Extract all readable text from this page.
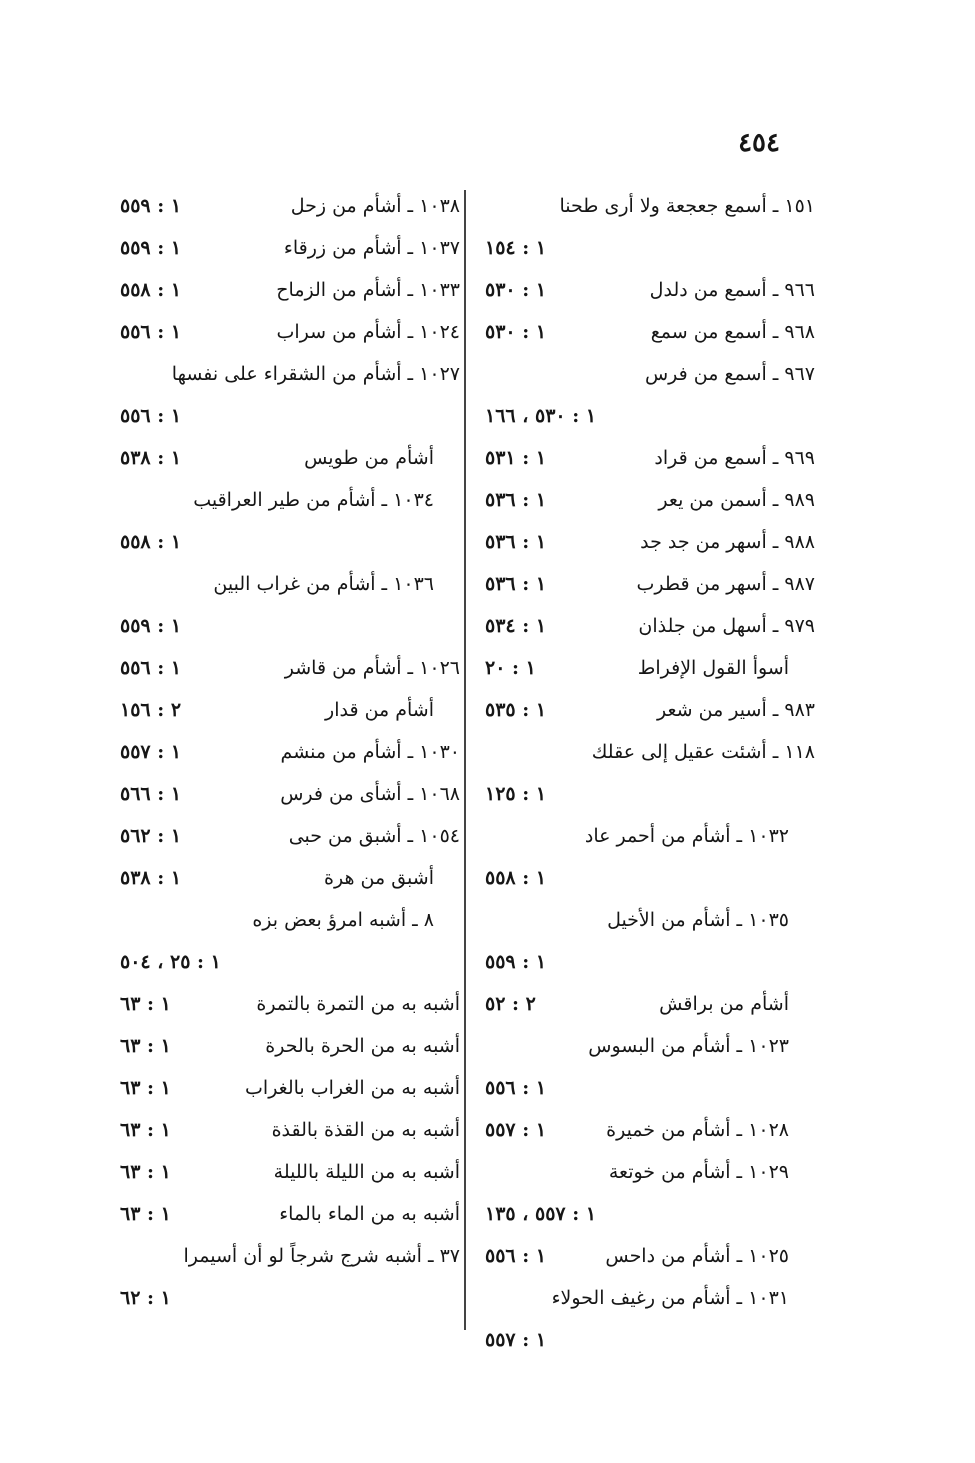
٤٥٤
١٥١ ـ أسمع جعجعة ولا أرى طحنا
١ : ١٥٤
٩٦٦ ـ أسمع من دلدل
١ : ٥٣٠
٩٦٨ ـ أسمع من سمع
١ : ٥٣٠
٩٦٧ ـ أسمع من فرس
١ : ٥٣٠ ، ١٦٦
٩٦٩ ـ أسمع من قراد
١ : ٥٣١
٩٨٩ ـ أسمن من يعر
١ : ٥٣٦
٩٨٨ ـ أسهر من جد جد
١ : ٥٣٦
٩٨٧ ـ أسهر من قطرب
١ : ٥٣٦
٩٧٩ ـ أسهل من جلذان
١ : ٥٣٤
أسوأ القول الإفراط
١ : ٢٠
٩٨٣ ـ أسير من شعر
١ : ٥٣٥
١١٨ ـ أشئت عقيل إلى عقلك
١ : ١٢٥
١٠٣٢ ـ أشأم من أحمر عاد
١ : ٥٥٨
١٠٣٥ ـ أشأم من الأخيل
١ : ٥٥٩
أشأم من براقش
٢ : ٥٢
١٠٢٣ ـ أشأم من البسوس
١ : ٥٥٦
١٠٢٨ ـ أشأم من خميرة
١ : ٥٥٧
١٠٢٩ ـ أشأم من خوتعة
١ : ٥٥٧ ، ١٣٥
١٠٢٥ ـ أشأم من داحس
١ : ٥٥٦
١٠٣١ ـ أشأم من رغيف الحولاء
١ : ٥٥٧
١٠٣٨ ـ أشأم من زحل
١ : ٥٥٩
١٠٣٧ ـ أشأم من زرقاء
١ : ٥٥٩
١٠٣٣ ـ أشأم من الزماح
١ : ٥٥٨
١٠٢٤ ـ أشأم من سراب
١ : ٥٥٦
١٠٢٧ ـ أشأم من الشقراء على نفسها
١ : ٥٥٦
أشأم من طويس
١ : ٥٣٨
١٠٣٤ ـ أشأم من طير العراقيب
١ : ٥٥٨
١٠٣٦ ـ أشأم من غراب البين
١ : ٥٥٩
١٠٢٦ ـ أشأم من قاشر
١ : ٥٥٦
أشأم من قدار
٢ : ١٥٦
١٠٣٠ ـ أشأم من منشم
١ : ٥٥٧
١٠٦٨ ـ أشأى من فرس
١ : ٥٦٦
١٠٥٤ ـ أشبق من حبى
١ : ٥٦٢
أشبق من هرة
١ : ٥٣٨
٨ ـ أشبه امرؤ بعض بزه
١ : ٢٥ ، ٥٠٤
أشبه به من التمرة بالتمرة
١ : ٦٣
أشبه به من الحرة بالحرة
١ : ٦٣
أشبه به من الغراب بالغراب
١ : ٦٣
أشبه به من القذة بالقذة
١ : ٦٣
أشبه به من الليلة بالليلة
١ : ٦٣
أشبه به من الماء بالماء
١ : ٦٣
٣٧ ـ أشبه شرج شرجاً لو أن أسيمرا
١ : ٦٢
